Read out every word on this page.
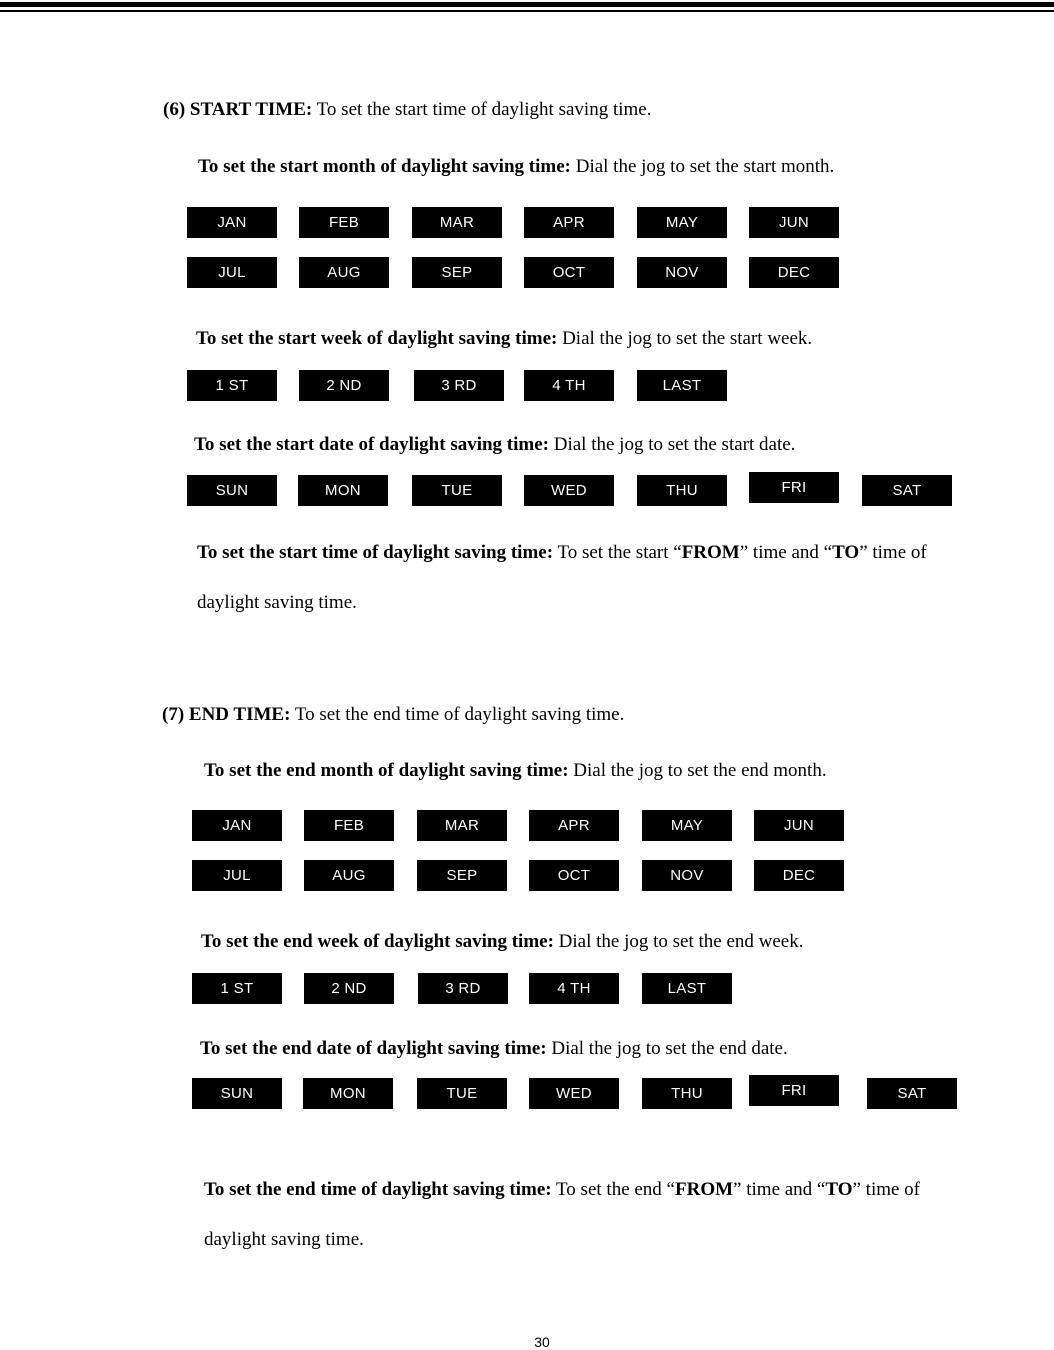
(6) START TIME: To set the start time of daylight saving time.
To set the start month of daylight saving time: Dial the jog to set the start month.
JAN	FEB	MAR	APR	MAY	JUN
JUL	AUG	SEP	OCT	NOV	DEC
To set the start week of daylight saving time: Dial the jog to set the start week.
1 ST	2 ND	3 RD	4 TH	LAST
To set the start date of daylight saving time: Dial the jog to set the start date.
SUN	MON	TUE	WED	THU	FRI	SAT
To set the start time of daylight saving time: To set the start “FROM” time and “TO” time of
daylight saving time.
(7) END TIME: To set the end time of daylight saving time.
To set the end month of daylight saving time: Dial the jog to set the end month.
JAN	FEB	MAR	APR	MAY	JUN
JUL	AUG	SEP	OCT	NOV	DEC
To set the end week of daylight saving time: Dial the jog to set the end week.
1 ST	2 ND	3 RD	4 TH	LAST
To set the end date of daylight saving time: Dial the jog to set the end date.
SUN	MON	TUE	WED	THU	FRI	SAT
To set the end time of daylight saving time: To set the end “FROM” time and “TO” time of
daylight saving time.
30
